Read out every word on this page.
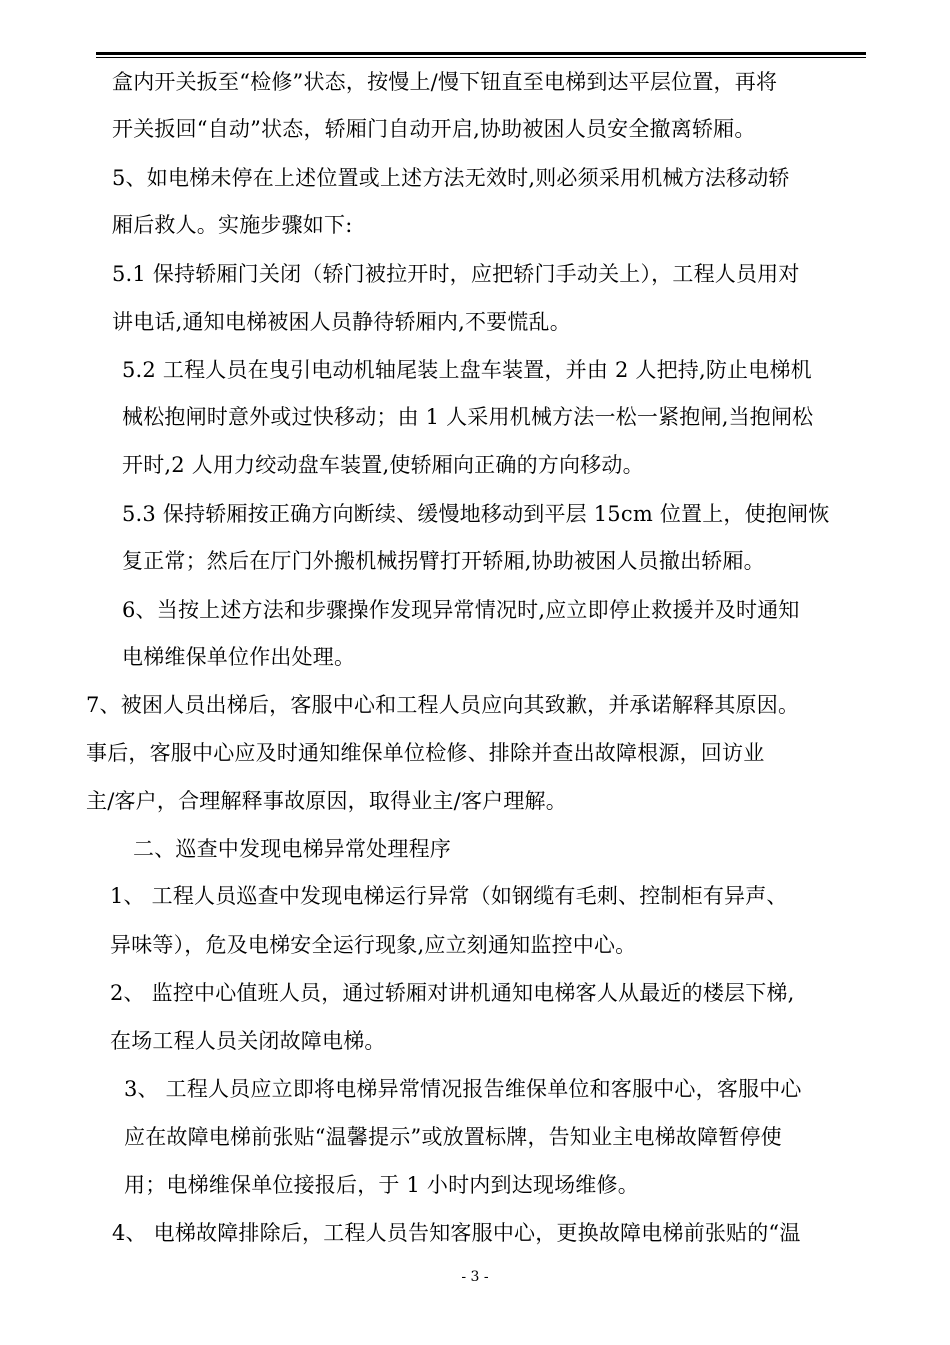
盒内开关扳至“检修”状态，按慢上/慢下钮直至电梯到达平层位置，再将
开关扳回“自动”状态，轿厢门自动开启,协助被困人员安全撤离轿厢。
5、如电梯未停在上述位置或上述方法无效时,则必须采用机械方法移动轿
厢后救人。实施步骤如下:
5.1 保持轿厢门关闭（轿门被拉开时，应把轿门手动关上），工程人员用对
讲电话,通知电梯被困人员静待轿厢内,不要慌乱。
5.2 工程人员在曳引电动机轴尾装上盘车装置，并由 2 人把持,防止电梯机
械松抱闸时意外或过快移动；由 1 人采用机械方法一松一紧抱闸,当抱闸松
开时,2 人用力绞动盘车装置,使轿厢向正确的方向移动。
5.3 保持轿厢按正确方向断续、缓慢地移动到平层 15cm 位置上，使抱闸恢
复正常；然后在厅门外搬机械拐臂打开轿厢,协助被困人员撤出轿厢。
6、当按上述方法和步骤操作发现异常情况时,应立即停止救援并及时通知
电梯维保单位作出处理。
7、被困人员出梯后，客服中心和工程人员应向其致歉，并承诺解释其原因。
事后，客服中心应及时通知维保单位检修、排除并查出故障根源，回访业
主/客户，合理解释事故原因，取得业主/客户理解。
二、巡查中发现电梯异常处理程序
1、 工程人员巡查中发现电梯运行异常（如钢缆有毛刺、控制柜有异声、
异味等），危及电梯安全运行现象,应立刻通知监控中心。
2、 监控中心值班人员，通过轿厢对讲机通知电梯客人从最近的楼层下梯,
在场工程人员关闭故障电梯。
3、 工程人员应立即将电梯异常情况报告维保单位和客服中心，客服中心
应在故障电梯前张贴“温馨提示”或放置标牌，告知业主电梯故障暂停使
用；电梯维保单位接报后，于 1 小时内到达现场维修。
4、 电梯故障排除后，工程人员告知客服中心，更换故障电梯前张贴的“温
- 3 -
